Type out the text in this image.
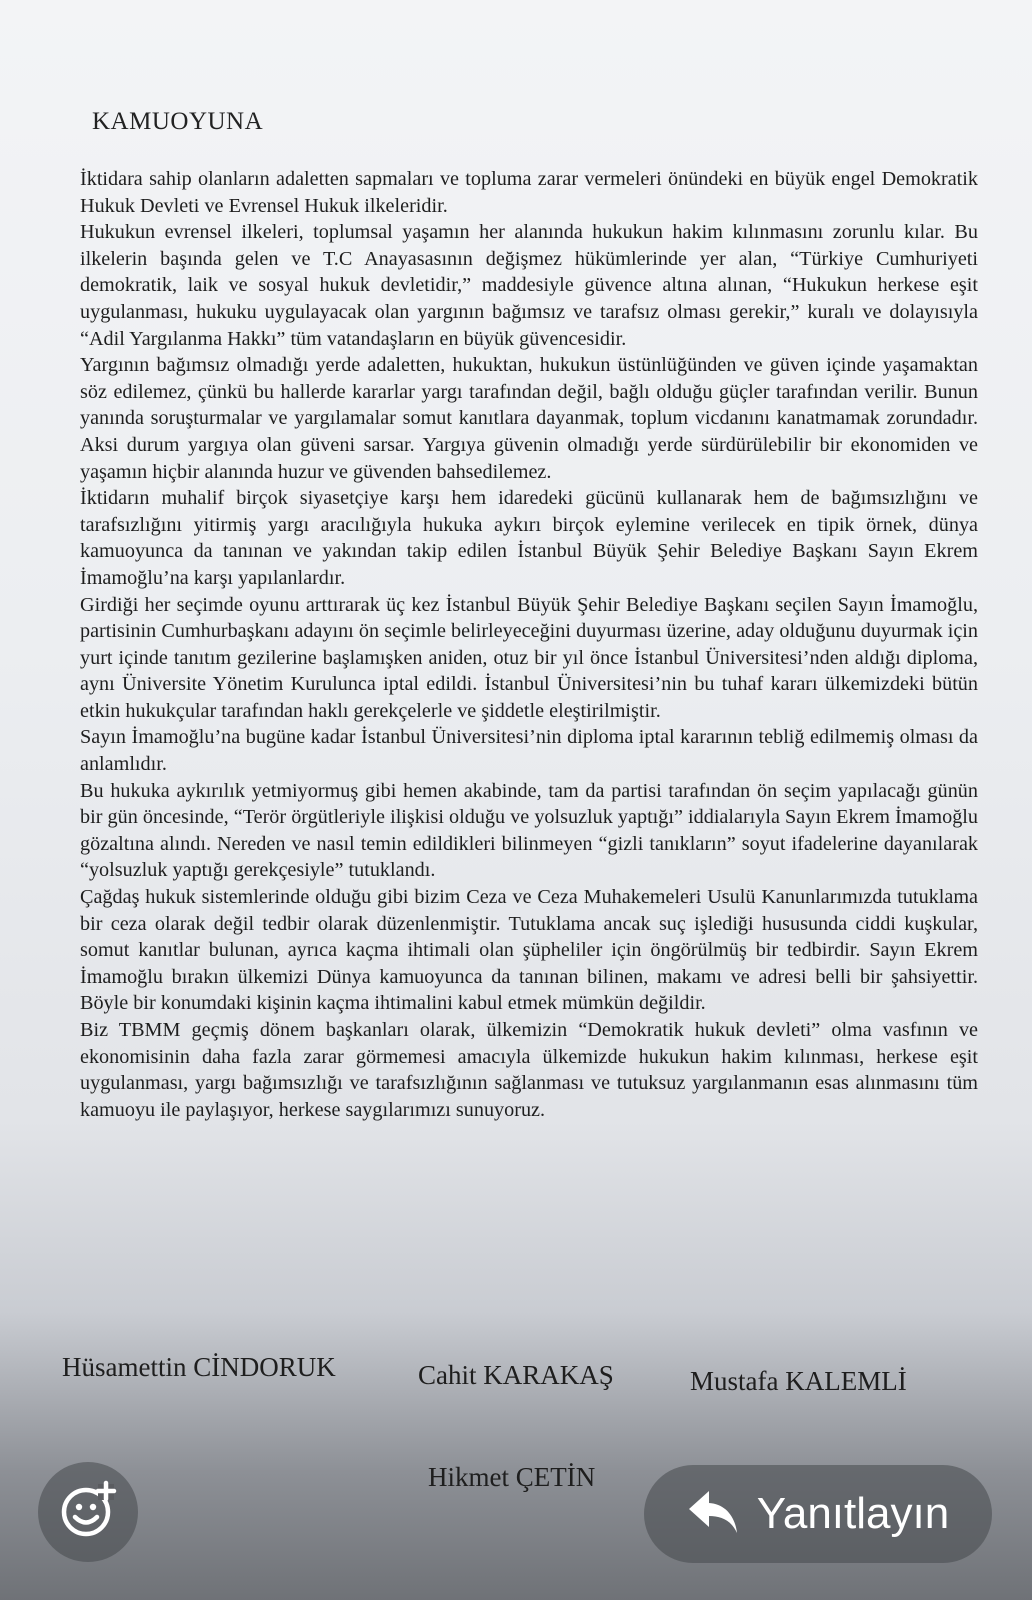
KAMUOYUNA

İktidara sahip olanların adaletten sapmaları ve topluma zarar vermeleri önündeki en büyük engel Demokratik Hukuk Devleti ve Evrensel Hukuk ilkeleridir.

Hukukun evrensel ilkeleri, toplumsal yaşamın her alanında hukukun hakim kılınmasını zorunlu kılar. Bu ilkelerin başında gelen ve T.C Anayasasının değişmez hükümlerinde yer alan, “Türkiye Cumhuriyeti demokratik, laik ve sosyal hukuk devletidir,” maddesiyle güvence altına alınan, “Hukukun herkese eşit uygulanması, hukuku uygulayacak olan yargının bağımsız ve tarafsız olması gerekir,” kuralı ve dolayısıyla “Adil Yargılanma Hakkı” tüm vatandaşların en büyük güvencesidir.

Yargının bağımsız olmadığı yerde adaletten, hukuktan, hukukun üstünlüğünden ve güven içinde yaşamaktan söz edilemez, çünkü bu hallerde kararlar yargı tarafından değil, bağlı olduğu güçler tarafından verilir. Bunun yanında soruşturmalar ve yargılamalar somut kanıtlara dayanmak, toplum vicdanını kanatmamak zorundadır. Aksi durum yargıya olan güveni sarsar. Yargıya güvenin olmadığı yerde sürdürülebilir bir ekonomiden ve yaşamın hiçbir alanında huzur ve güvenden bahsedilemez.

İktidarın muhalif birçok siyasetçiye karşı hem idaredeki gücünü kullanarak hem de bağımsızlığını ve tarafsızlığını yitirmiş yargı aracılığıyla hukuka aykırı birçok eylemine verilecek en tipik örnek, dünya kamuoyunca da tanınan ve yakından takip edilen İstanbul Büyük Şehir Belediye Başkanı Sayın Ekrem İmamoğlu’na karşı yapılanlardır.

Girdiği her seçimde oyunu arttırarak üç kez İstanbul Büyük Şehir Belediye Başkanı seçilen Sayın İmamoğlu, partisinin Cumhurbaşkanı adayını ön seçimle belirleyeceğini duyurması üzerine, aday olduğunu duyurmak için yurt içinde tanıtım gezilerine başlamışken aniden, otuz bir yıl önce İstanbul Üniversitesi’nden aldığı diploma, aynı Üniversite Yönetim Kurulunca iptal edildi. İstanbul Üniversitesi’nin bu tuhaf kararı ülkemizdeki bütün etkin hukukçular tarafından haklı gerekçelerle ve şiddetle eleştirilmiştir.

Sayın İmamoğlu’na bugüne kadar İstanbul Üniversitesi’nin diploma iptal kararının tebliğ edilmemiş olması da anlamlıdır.

Bu hukuka aykırılık yetmiyormuş gibi hemen akabinde, tam da partisi tarafından ön seçim yapılacağı günün bir gün öncesinde, “Terör örgütleriyle ilişkisi olduğu ve yolsuzluk yaptığı” iddialarıyla Sayın Ekrem İmamoğlu gözaltına alındı. Nereden ve nasıl temin edildikleri bilinmeyen “gizli tanıkların” soyut ifadelerine dayanılarak “yolsuzluk yaptığı gerekçesiyle” tutuklandı.

Çağdaş hukuk sistemlerinde olduğu gibi bizim Ceza ve Ceza Muhakemeleri Usulü Kanunlarımızda tutuklama bir ceza olarak değil tedbir olarak düzenlenmiştir. Tutuklama ancak suç işlediği hususunda ciddi kuşkular, somut kanıtlar bulunan, ayrıca kaçma ihtimali olan şüpheliler için öngörülmüş bir tedbirdir. Sayın Ekrem İmamoğlu bırakın ülkemizi Dünya kamuoyunca da tanınan bilinen, makamı ve adresi belli bir şahsiyettir. Böyle bir konumdaki kişinin kaçma ihtimalini kabul etmek mümkün değildir.

Biz TBMM geçmiş dönem başkanları olarak, ülkemizin “Demokratik hukuk devleti” olma vasfının ve ekonomisinin daha fazla zarar görmemesi amacıyla ülkemizde hukukun hakim kılınması, herkese eşit uygulanması, yargı bağımsızlığı ve tarafsızlığının sağlanması ve tutuksuz yargılanmanın esas alınmasını tüm kamuoyu ile paylaşıyor, herkese saygılarımızı sunuyoruz.

Hüsamettin CİNDORUK	Cahit KARAKAŞ	Mustafa KALEMLİ
Hikmet ÇETİN
Yanıtlayın
